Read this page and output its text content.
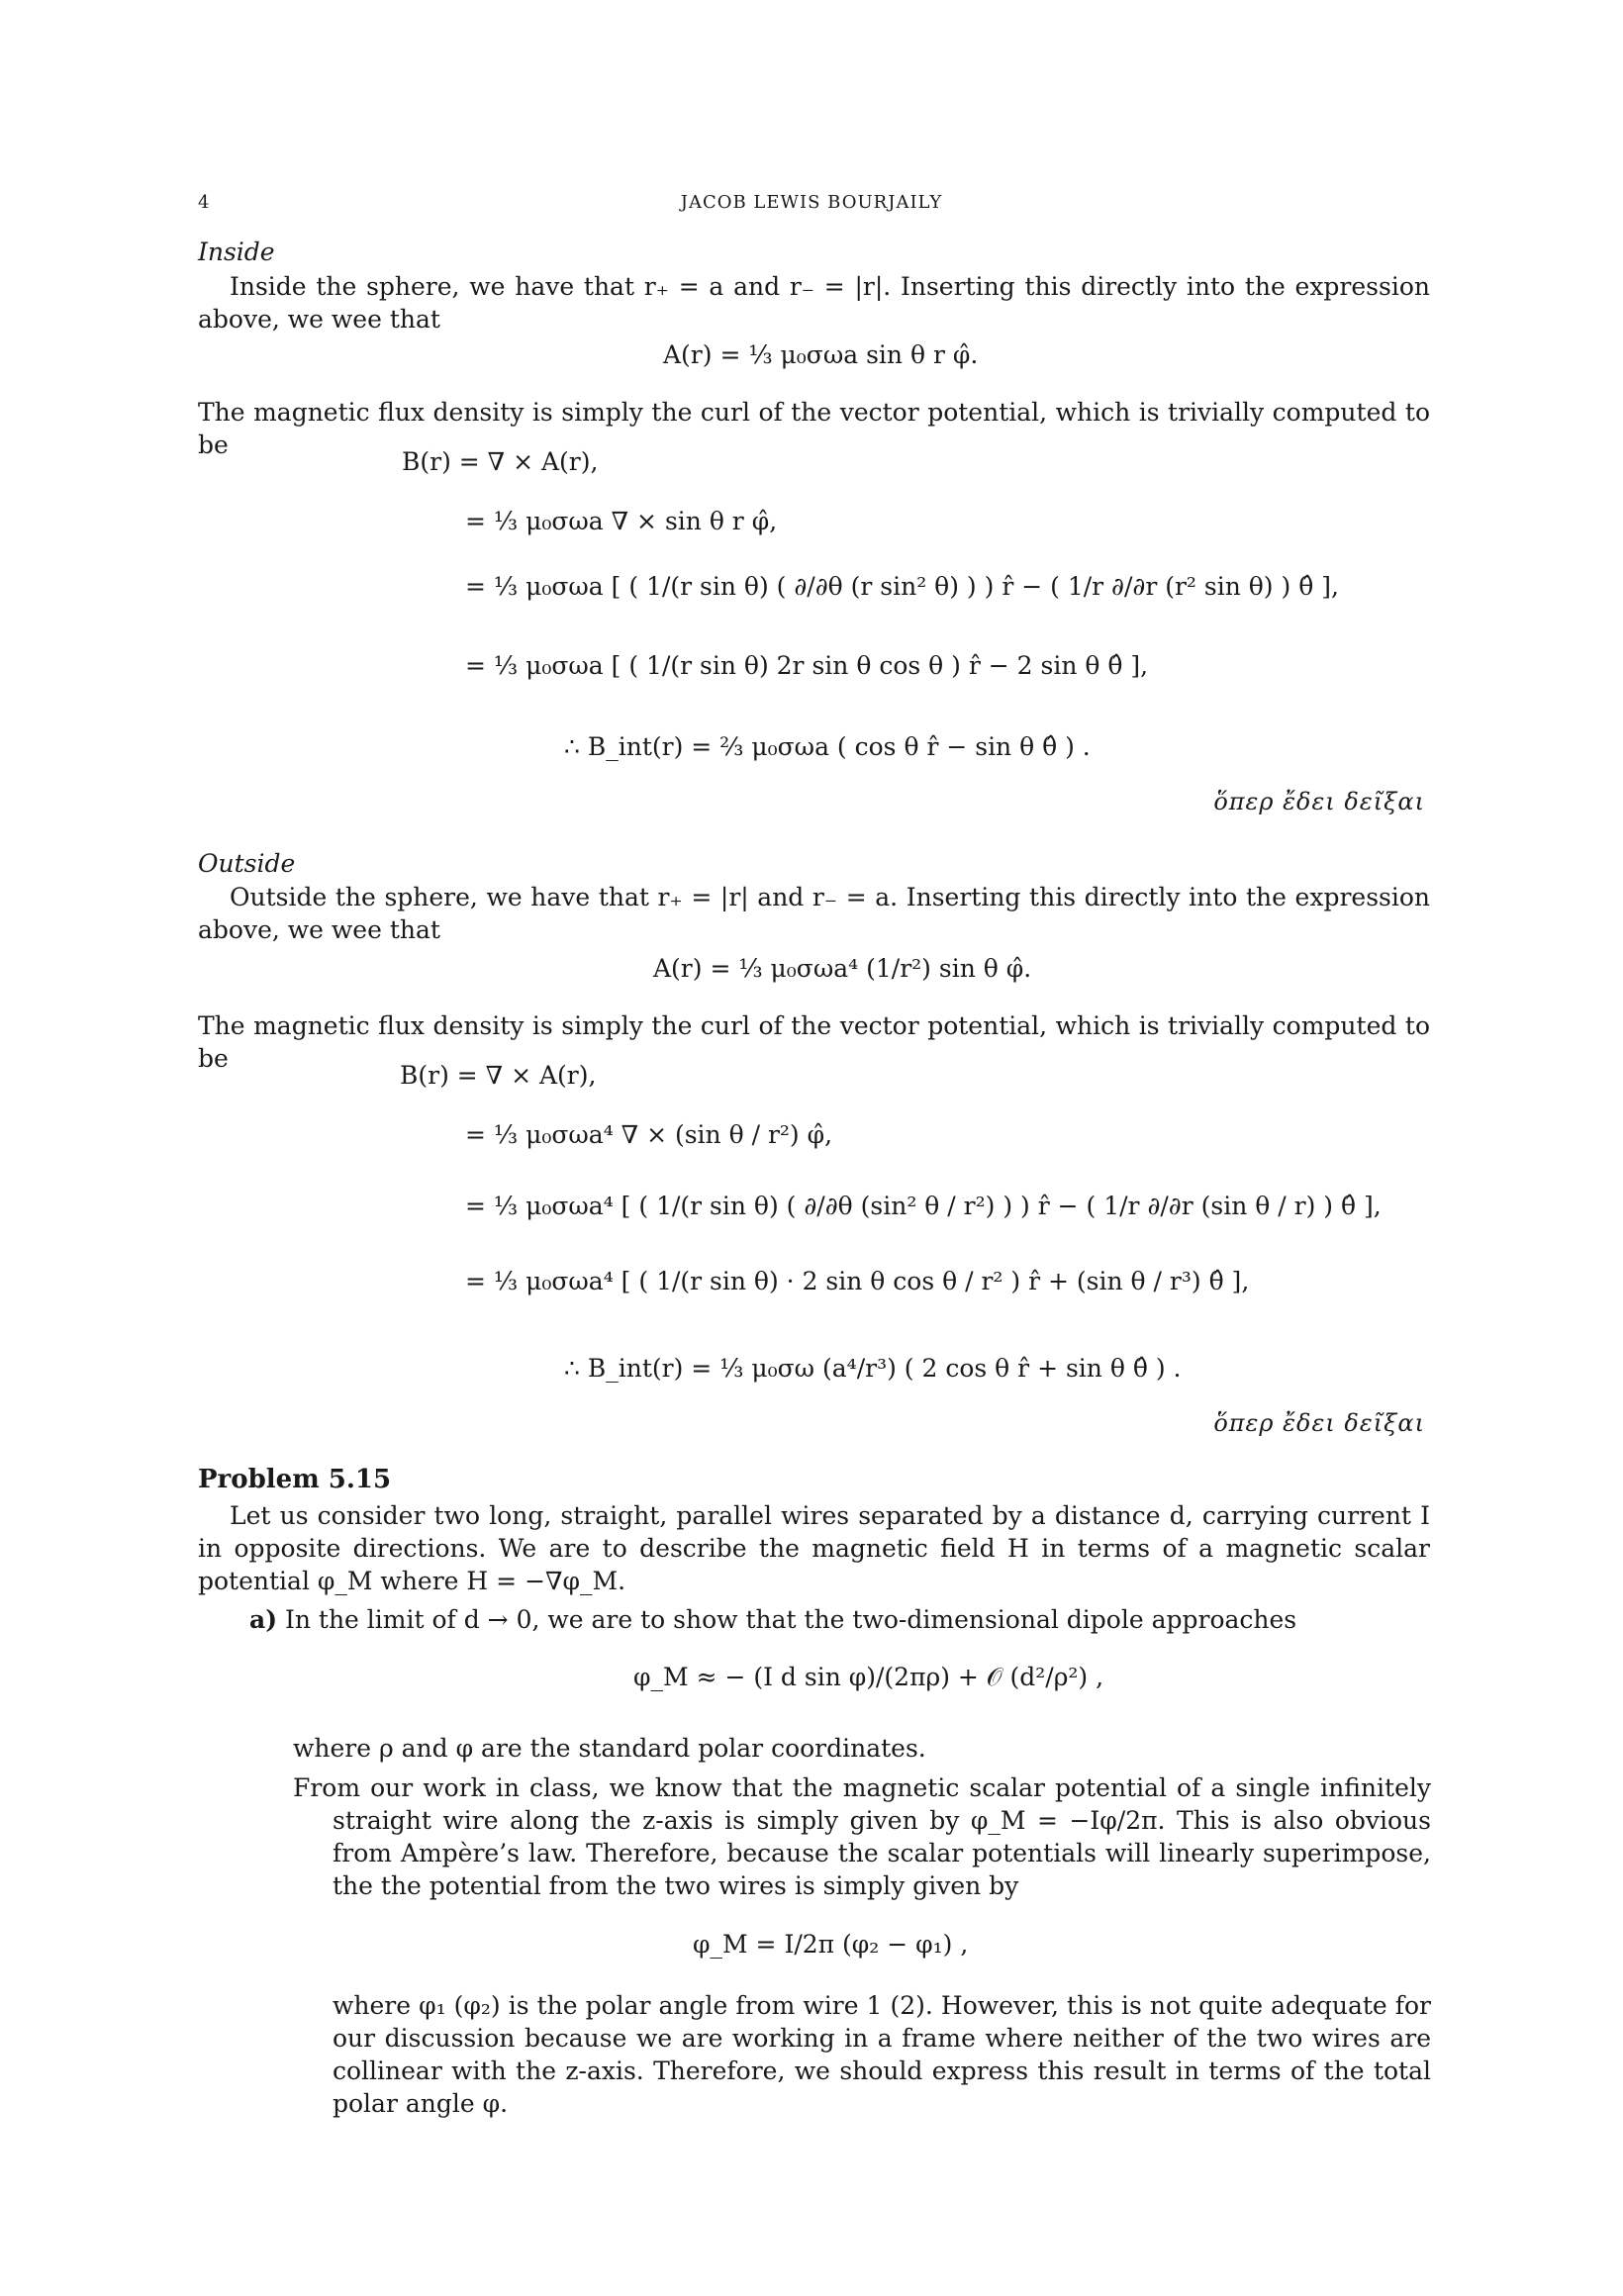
4	JACOB LEWIS BOURJAILY
Inside
Inside the sphere, we have that r₊ = a and r₋ = |r|. Inserting this directly into the expression above, we wee that
A(r) = ⅓ μ₀σωa sin θ r φ̂.
The magnetic flux density is simply the curl of the vector potential, which is trivially computed to be
B(r) = ∇ × A(r),
= ⅓ μ₀σωa ∇ × sin θ r φ̂,
= ⅓ μ₀σωa [ ( 1/(r sin θ) ( ∂/∂θ (r sin² θ) ) ) r̂ − ( 1/r ∂/∂r (r² sin θ) ) θ̂ ],
= ⅓ μ₀σωa [ ( 1/(r sin θ) 2r sin θ cos θ ) r̂ − 2 sin θ θ̂ ],
∴ B_int(r) = ⅔ μ₀σωa ( cos θ r̂ − sin θ θ̂ ) .
ὅπερ ἔδει δεῖξαι
Outside
Outside the sphere, we have that r₊ = |r| and r₋ = a. Inserting this directly into the expression above, we wee that
A(r) = ⅓ μ₀σωa⁴ (1/r²) sin θ φ̂.
The magnetic flux density is simply the curl of the vector potential, which is trivially computed to be
B(r) = ∇ × A(r),
= ⅓ μ₀σωa⁴ ∇ × (sin θ / r²) φ̂,
= ⅓ μ₀σωa⁴ [ ( 1/(r sin θ) ( ∂/∂θ (sin² θ / r²) ) ) r̂ − ( 1/r ∂/∂r (sin θ / r) ) θ̂ ],
= ⅓ μ₀σωa⁴ [ ( 1/(r sin θ) · 2 sin θ cos θ / r² ) r̂ + (sin θ / r³) θ̂ ],
∴ B_int(r) = ⅓ μ₀σω (a⁴/r³) ( 2 cos θ r̂ + sin θ θ̂ ) .
ὅπερ ἔδει δεῖξαι
Problem 5.15
Let us consider two long, straight, parallel wires separated by a distance d, carrying current I in opposite directions. We are to describe the magnetic field H in terms of a magnetic scalar potential φ_M where H = −∇φ_M.
a) In the limit of d → 0, we are to show that the two-dimensional dipole approaches
φ_M ≈ − (I d sin φ)/(2πρ) + 𝒪 (d²/ρ²) ,
where ρ and φ are the standard polar coordinates.
From our work in class, we know that the magnetic scalar potential of a single infinitely straight wire along the z-axis is simply given by φ_M = −Iφ/2π. This is also obvious from Ampère’s law. Therefore, because the scalar potentials will linearly superimpose, the the potential from the two wires is simply given by
φ_M = I/2π (φ₂ − φ₁) ,
where φ₁ (φ₂) is the polar angle from wire 1 (2). However, this is not quite adequate for our discussion because we are working in a frame where neither of the two wires are collinear with the z-axis. Therefore, we should express this result in terms of the total polar angle φ.
